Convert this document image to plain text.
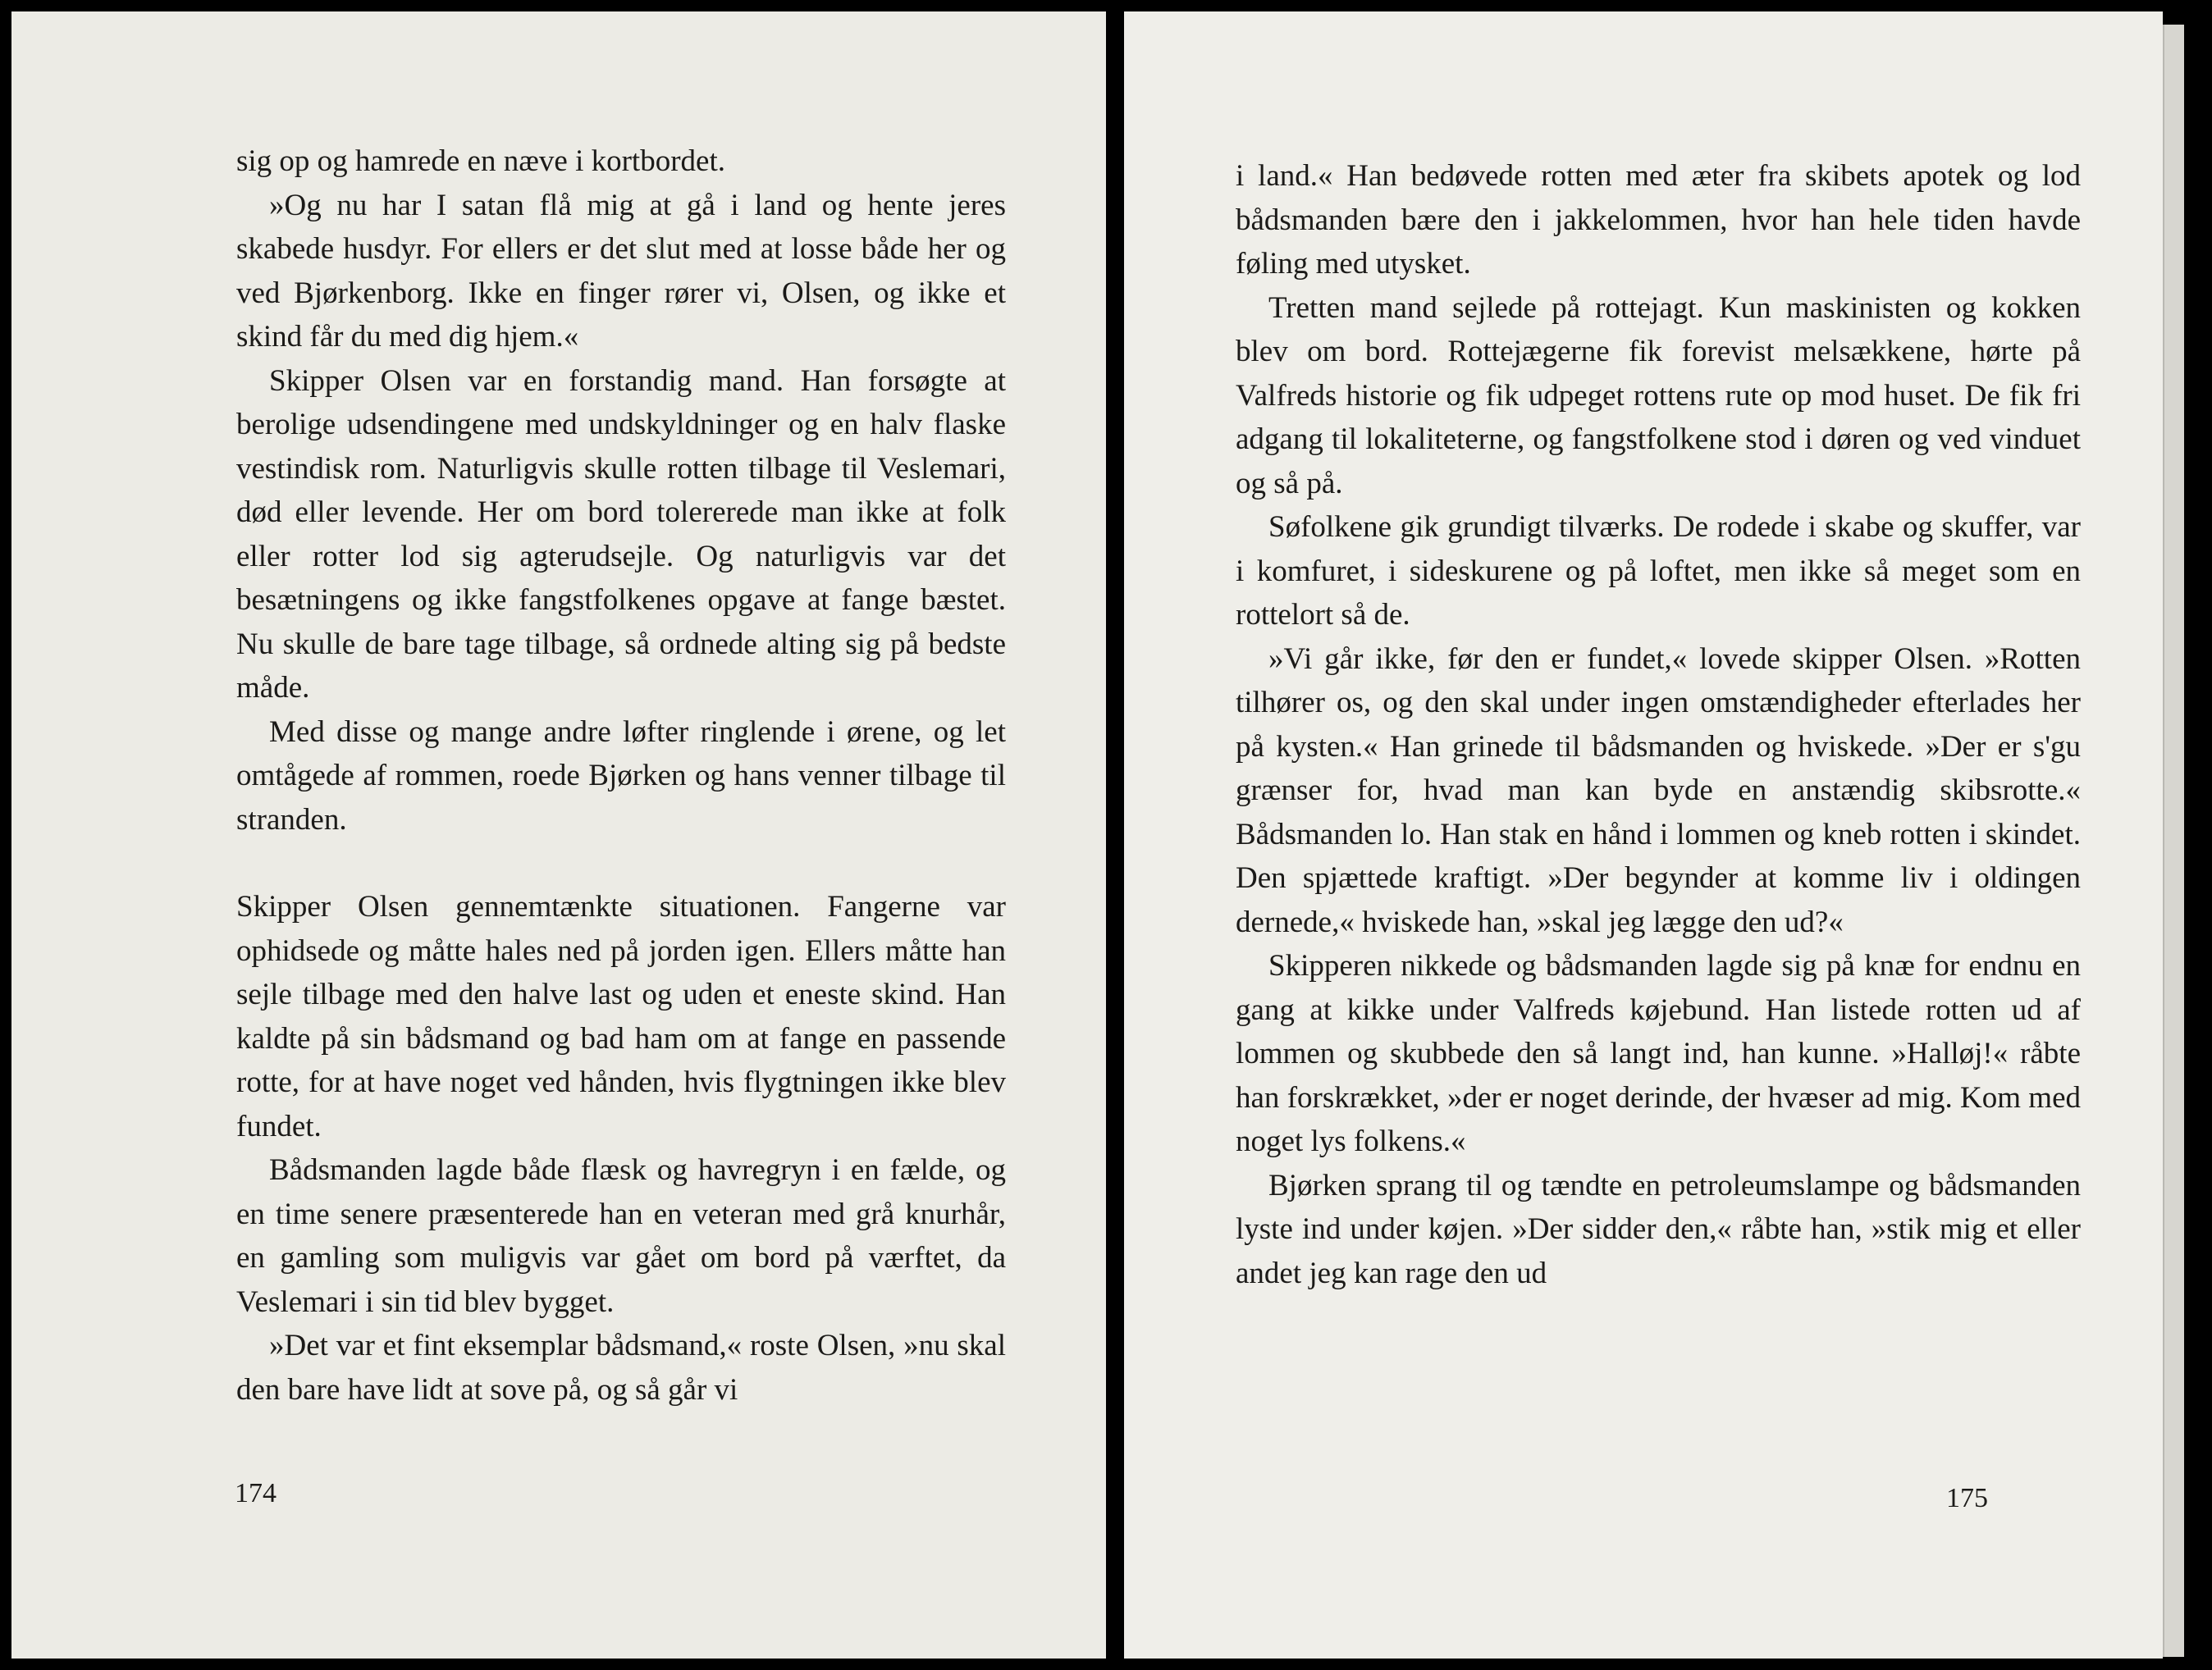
sig op og hamrede en næve i kortbordet.

»Og nu har I satan flå mig at gå i land og hente jeres skabede husdyr. For ellers er det slut med at losse både her og ved Bjørkenborg. Ikke en finger rører vi, Olsen, og ikke et skind får du med dig hjem.«

Skipper Olsen var en forstandig mand. Han forsøgte at berolige udsendingene med undskyldninger og en halv flaske vestindisk rom. Naturligvis skulle rotten tilbage til Veslemari, død eller levende. Her om bord tolererede man ikke at folk eller rotter lod sig agterudsejle. Og naturligvis var det besætningens og ikke fangstfolkenes opgave at fange bæstet. Nu skulle de bare tage tilbage, så ordnede alting sig på bedste måde.

Med disse og mange andre løfter ringlende i ørene, og let omtågede af rommen, roede Bjørken og hans venner tilbage til stranden.

Skipper Olsen gennemtænkte situationen. Fangerne var ophidsede og måtte hales ned på jorden igen. Ellers måtte han sejle tilbage med den halve last og uden et eneste skind. Han kaldte på sin bådsmand og bad ham om at fange en passende rotte, for at have noget ved hånden, hvis flygtningen ikke blev fundet.

Bådsmanden lagde både flæsk og havregryn i en fælde, og en time senere præsenterede han en veteran med grå knurhår, en gamling som muligvis var gået om bord på værftet, da Veslemari i sin tid blev bygget.

»Det var et fint eksemplar bådsmand,« roste Olsen, »nu skal den bare have lidt at sove på, og så går vi

174

i land.« Han bedøvede rotten med æter fra skibets apotek og lod bådsmanden bære den i jakkelommen, hvor han hele tiden havde føling med utysket.

Tretten mand sejlede på rottejagt. Kun maskinisten og kokken blev om bord. Rottejægerne fik forevist melsækkene, hørte på Valfreds historie og fik udpeget rottens rute op mod huset. De fik fri adgang til lokaliteterne, og fangstfolkene stod i døren og ved vinduet og så på.

Søfolkene gik grundigt tilværks. De rodede i skabe og skuffer, var i komfuret, i sideskurene og på loftet, men ikke så meget som en rottelort så de.

»Vi går ikke, før den er fundet,« lovede skipper Olsen. »Rotten tilhører os, og den skal under ingen omstændigheder efterlades her på kysten.« Han grinede til bådsmanden og hviskede. »Der er s'gu grænser for, hvad man kan byde en anstændig skibsrotte.« Bådsmanden lo. Han stak en hånd i lommen og kneb rotten i skindet. Den spjættede kraftigt. »Der begynder at komme liv i oldingen dernede,« hviskede han, »skal jeg lægge den ud?«

Skipperen nikkede og bådsmanden lagde sig på knæ for endnu en gang at kikke under Valfreds køjebund. Han listede rotten ud af lommen og skubbede den så langt ind, han kunne. »Halløj!« råbte han forskrækket, »der er noget derinde, der hvæser ad mig. Kom med noget lys folkens.«

Bjørken sprang til og tændte en petroleumslampe og bådsmanden lyste ind under køjen. »Der sidder den,« råbte han, »stik mig et eller andet jeg kan rage den ud

175
